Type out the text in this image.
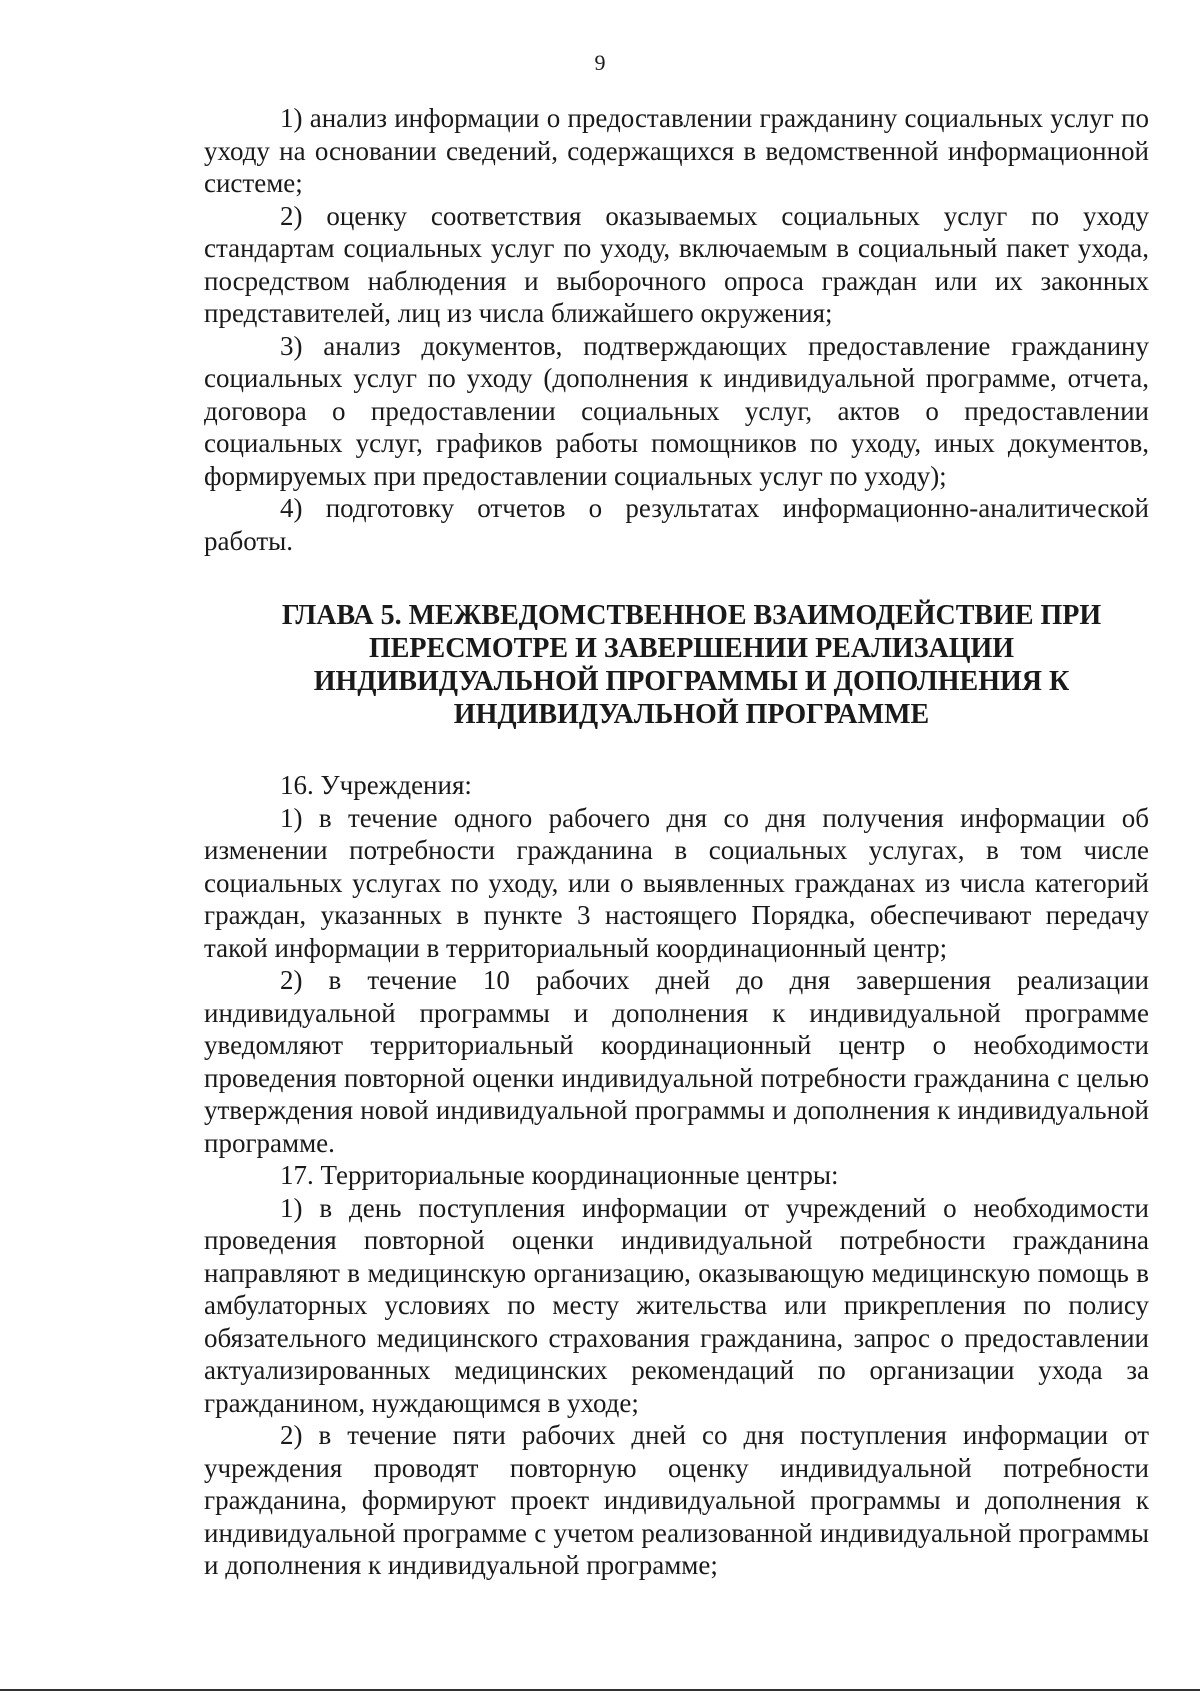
9

1) анализ информации о предоставлении гражданину социальных услуг по уходу на основании сведений, содержащихся в ведомственной информационной системе;

2) оценку соответствия оказываемых социальных услуг по уходу стандартам социальных услуг по уходу, включаемым в социальный пакет ухода, посредством наблюдения и выборочного опроса граждан или их законных представителей, лиц из числа ближайшего окружения;

3) анализ документов, подтверждающих предоставление гражданину социальных услуг по уходу (дополнения к индивидуальной программе, отчета, договора о предоставлении социальных услуг, актов о предоставлении социальных услуг, графиков работы помощников по уходу, иных документов, формируемых при предоставлении социальных услуг по уходу);

4) подготовку отчетов о результатах информационно-аналитической работы.

ГЛАВА 5. МЕЖВЕДОМСТВЕННОЕ ВЗАИМОДЕЙСТВИЕ ПРИ ПЕРЕСМОТРЕ И ЗАВЕРШЕНИИ РЕАЛИЗАЦИИ ИНДИВИДУАЛЬНОЙ ПРОГРАММЫ И ДОПОЛНЕНИЯ К ИНДИВИДУАЛЬНОЙ ПРОГРАММЕ

16. Учреждения:

1) в течение одного рабочего дня со дня получения информации об изменении потребности гражданина в социальных услугах, в том числе социальных услугах по уходу, или о выявленных гражданах из числа категорий граждан, указанных в пункте 3 настоящего Порядка, обеспечивают передачу такой информации в территориальный координационный центр;

2) в течение 10 рабочих дней до дня завершения реализации индивидуальной программы и дополнения к индивидуальной программе уведомляют территориальный координационный центр о необходимости проведения повторной оценки индивидуальной потребности гражданина с целью утверждения новой индивидуальной программы и дополнения к индивидуальной программе.

17. Территориальные координационные центры:

1) в день поступления информации от учреждений о необходимости проведения повторной оценки индивидуальной потребности гражданина направляют в медицинскую организацию, оказывающую медицинскую помощь в амбулаторных условиях по месту жительства или прикрепления по полису обязательного медицинского страхования гражданина, запрос о предоставлении актуализированных медицинских рекомендаций по организации ухода за гражданином, нуждающимся в уходе;

2) в течение пяти рабочих дней со дня поступления информации от учреждения проводят повторную оценку индивидуальной потребности гражданина, формируют проект индивидуальной программы и дополнения к индивидуальной программе с учетом реализованной индивидуальной программы и дополнения к индивидуальной программе;
